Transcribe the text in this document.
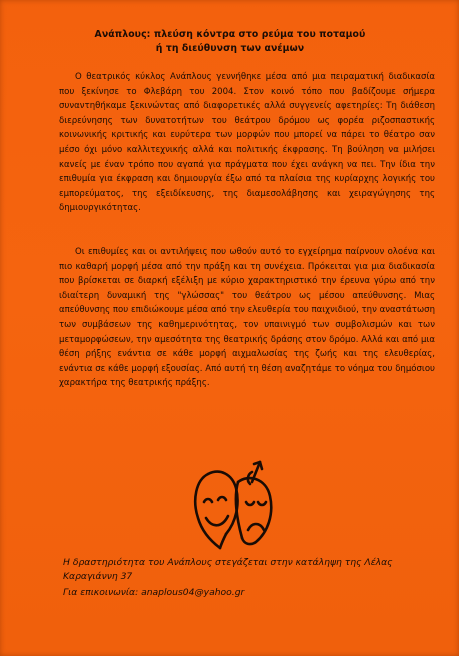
Ανάπλους: πλεύση κόντρα στο ρεύμα του ποταμού
ή τη διεύθυνση των ανέμων

Ο θεατρικός κύκλος Ανάπλους γεννήθηκε μέσα από μια πειραματική διαδικασία που ξεκίνησε το Φλεβάρη του 2004. Στον κοινό τόπο που βαδίζουμε σήμερα συναντηθήκαμε ξεκινώντας από διαφορετικές αλλά συγγενείς αφετηρίες: Τη διάθεση διερεύνησης των δυνατοτήτων του θεάτρου δρόμου ως φορέα ριζοσπαστικής κοινωνικής κριτικής και ευρύτερα των μορφών που μπορεί να πάρει το θέατρο σαν μέσο όχι μόνο καλλιτεχνικής αλλά και πολιτικής έκφρασης. Τη βούληση να μιλήσει κανείς με έναν τρόπο που αγαπά για πράγματα που έχει ανάγκη να πει. Την ίδια την επιθυμία για έκφραση και δημιουργία έξω από τα πλαίσια της κυρίαρχης λογικής του εμπορεύματος, της εξειδίκευσης, της διαμεσολάβησης και χειραγώγησης της δημιουργικότητας.

Οι επιθυμίες και οι αντιλήψεις που ωθούν αυτό το εγχείρημα παίρνουν ολοένα και πιο καθαρή μορφή μέσα από την πράξη και τη συνέχεια. Πρόκειται για μια διαδικασία που βρίσκεται σε διαρκή εξέλιξη με κύριο χαρακτηριστικό την έρευνα γύρω από την ιδιαίτερη δυναμική της "γλώσσας" του θεάτρου ως μέσου απεύθυνσης. Μιας απεύθυνσης που επιδιώκουμε μέσα από την ελευθερία του παιχνιδιού, την αναστάτωση των συμβάσεων της καθημερινότητας, τον υπαινιγμό των συμβολισμών και των μεταμορφώσεων, την αμεσότητα της θεατρικής δράσης στον δρόμο. Αλλά και από μια θέση ρήξης ενάντια σε κάθε μορφή αιχμαλωσίας της ζωής και της ελευθερίας, ενάντια σε κάθε μορφή εξουσίας. Από αυτή τη θέση αναζητάμε το νόημα του δημόσιου χαρακτήρα της θεατρικής πράξης.

Η δραστηριότητα του Ανάπλους στεγάζεται στην κατάληψη της Λέλας Καραγιάννη 37
Για επικοινωνία: anaplous04@yahoo.gr
